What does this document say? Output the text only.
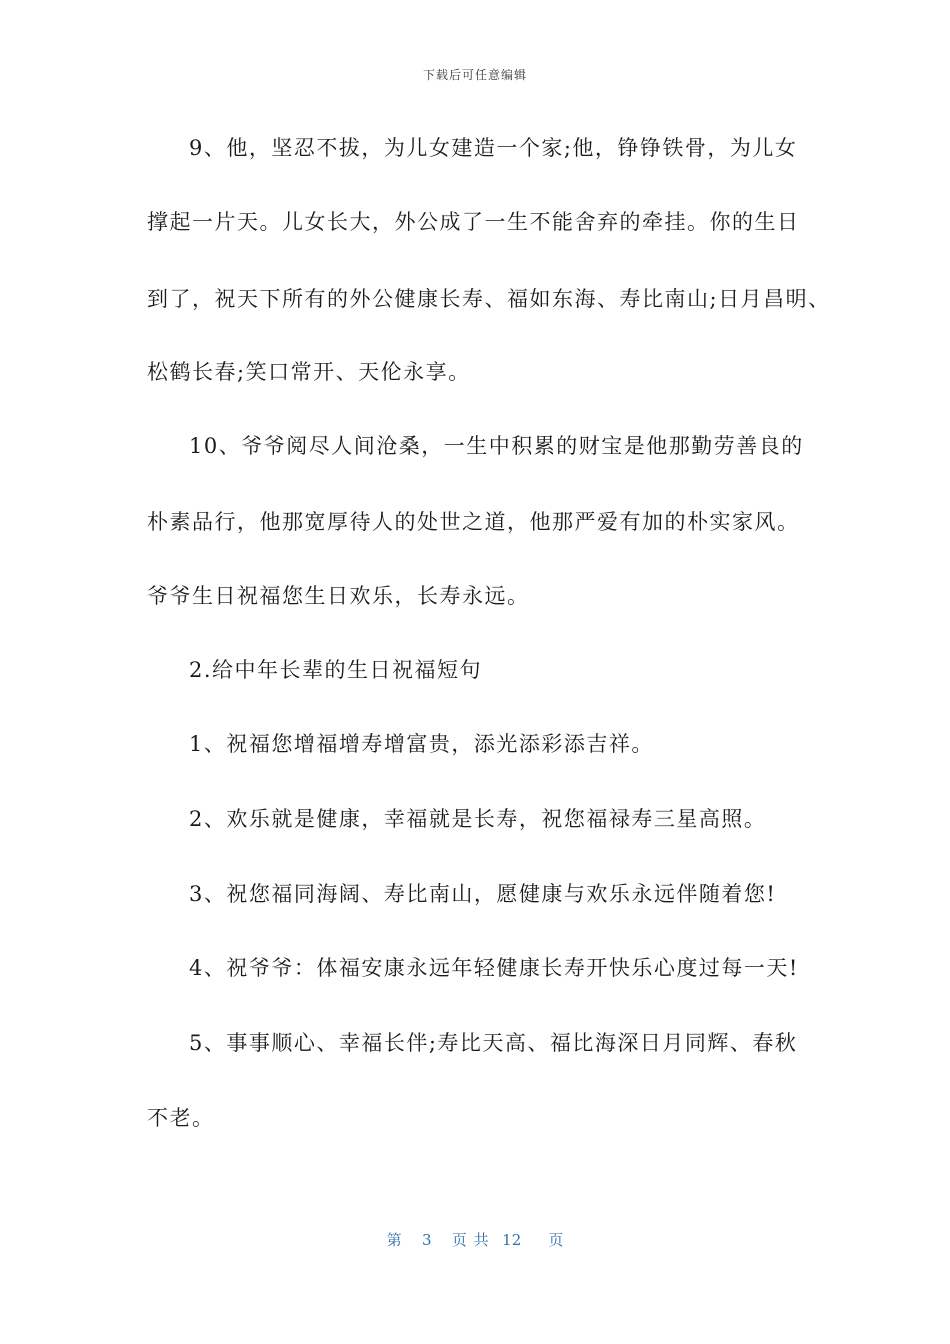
下载后可任意编辑
9、他，坚忍不拔，为儿女建造一个家;他，铮铮铁骨，为儿女
撑起一片天。儿女长大，外公成了一生不能舍弃的牵挂。你的生日
到了，祝天下所有的外公健康长寿、福如东海、寿比南山;日月昌明、
松鹤长春;笑口常开、天伦永享。
10、爷爷阅尽人间沧桑，一生中积累的财宝是他那勤劳善良的
朴素品行，他那宽厚待人的处世之道，他那严爱有加的朴实家风。
爷爷生日祝福您生日欢乐，长寿永远。
2.给中年长辈的生日祝福短句
1、祝福您增福增寿增富贵，添光添彩添吉祥。
2、欢乐就是健康，幸福就是长寿，祝您福禄寿三星高照。
3、祝您福同海阔、寿比南山，愿健康与欢乐永远伴随着您!
4、祝爷爷：体福安康永远年轻健康长寿开快乐心度过每一天!
5、事事顺心、幸福长伴;寿比天高、福比海深日月同辉、春秋
不老。
第 3 页 共 12 页
